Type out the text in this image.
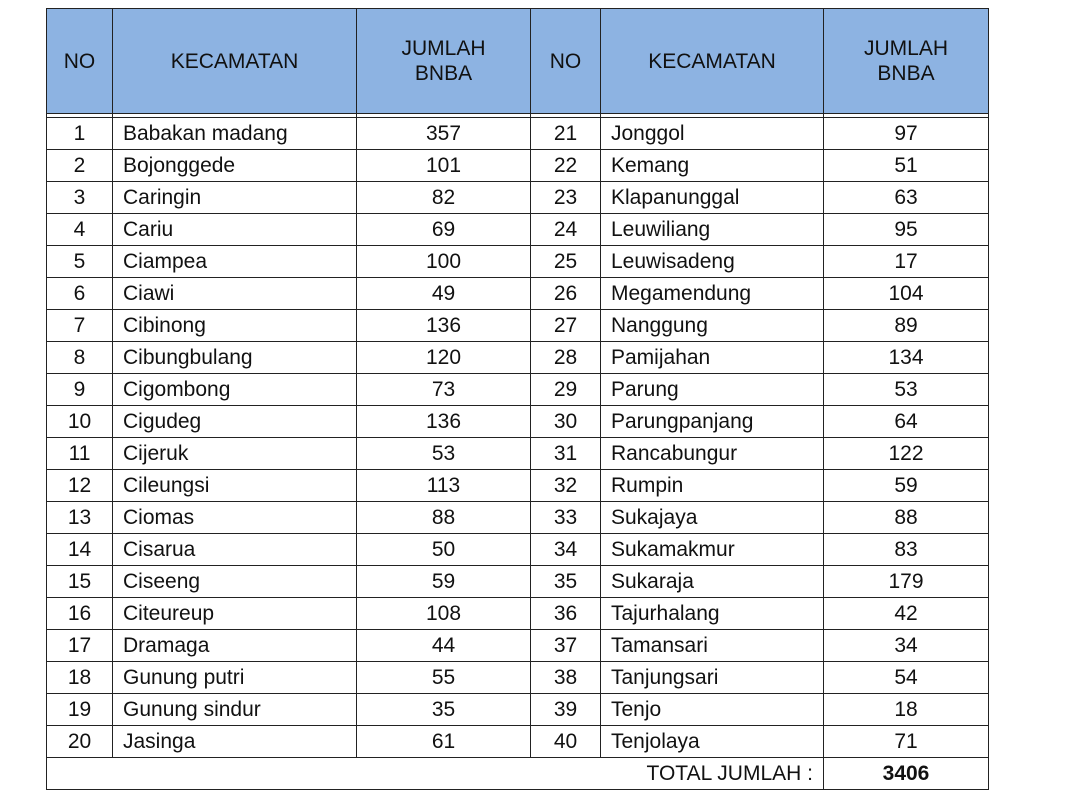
NO	KECAMATAN	JUMLAH BNBA	NO	KECAMATAN	JUMLAH BNBA

1	Babakan madang	357	21	Jonggol	97
2	Bojonggede	101	22	Kemang	51
3	Caringin	82	23	Klapanunggal	63
4	Cariu	69	24	Leuwiliang	95
5	Ciampea	100	25	Leuwisadeng	17
6	Ciawi	49	26	Megamendung	104
7	Cibinong	136	27	Nanggung	89
8	Cibungbulang	120	28	Pamijahan	134
9	Cigombong	73	29	Parung	53
10	Cigudeg	136	30	Parungpanjang	64
11	Cijeruk	53	31	Rancabungur	122
12	Cileungsi	113	32	Rumpin	59
13	Ciomas	88	33	Sukajaya	88
14	Cisarua	50	34	Sukamakmur	83
15	Ciseeng	59	35	Sukaraja	179
16	Citeureup	108	36	Tajurhalang	42
17	Dramaga	44	37	Tamansari	34
18	Gunung putri	55	38	Tanjungsari	54
19	Gunung sindur	35	39	Tenjo	18
20	Jasinga	61	40	Tenjolaya	71
TOTAL JUMLAH :					3406
